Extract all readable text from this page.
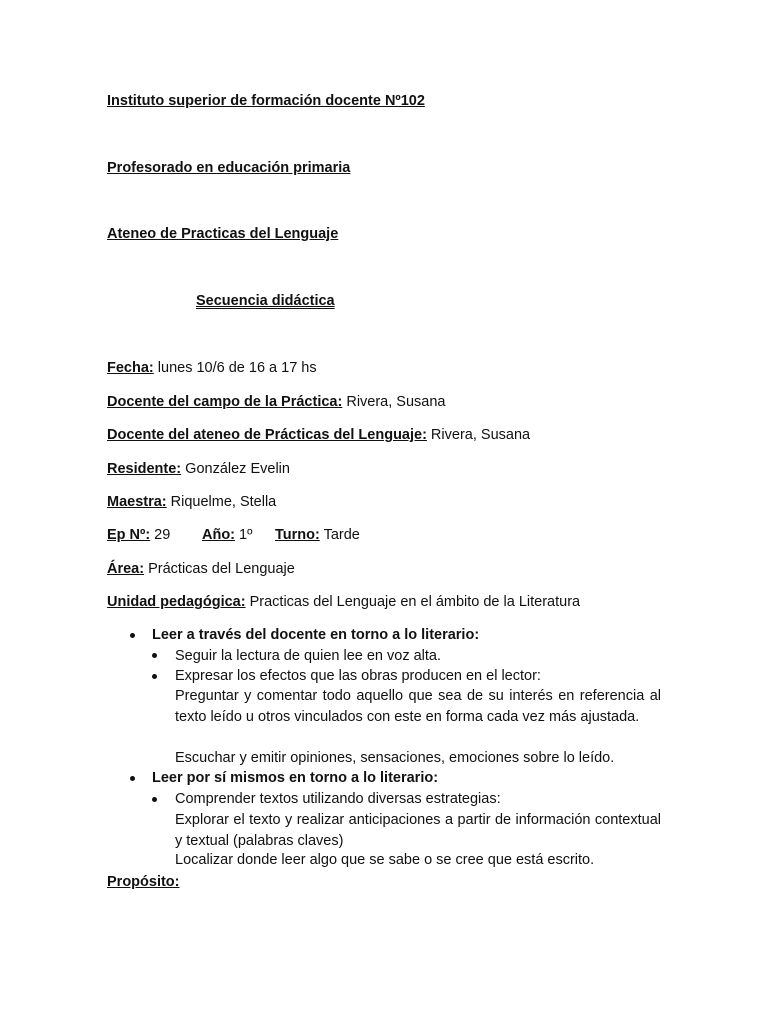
Instituto superior de formación docente Nº102
Profesorado en educación primaria
Ateneo de Practicas del Lenguaje
Secuencia didáctica
Fecha: lunes 10/6 de 16 a 17 hs
Docente del campo de la Práctica: Rivera, Susana
Docente del ateneo de Prácticas del Lenguaje: Rivera, Susana
Residente: González Evelin
Maestra: Riquelme, Stella
Ep Nº: 29 Año: 1º Turno: Tarde
Área: Prácticas del Lenguaje
Unidad pedagógica: Practicas del Lenguaje en el ámbito de la Literatura
Leer a través del docente en torno a lo literario:
Seguir la lectura de quien lee en voz alta.
Expresar los efectos que las obras producen en el lector:
Preguntar y comentar todo aquello que sea de su interés en referencia al texto leído u otros vinculados con este en forma cada vez más ajustada.
Escuchar y emitir opiniones, sensaciones, emociones sobre lo leído.
Leer por sí mismos en torno a lo literario:
Comprender textos utilizando diversas estrategias:
Explorar el texto y realizar anticipaciones a partir de información contextual y textual (palabras claves)
Localizar donde leer algo que se sabe o se cree que está escrito.
Propósito:
